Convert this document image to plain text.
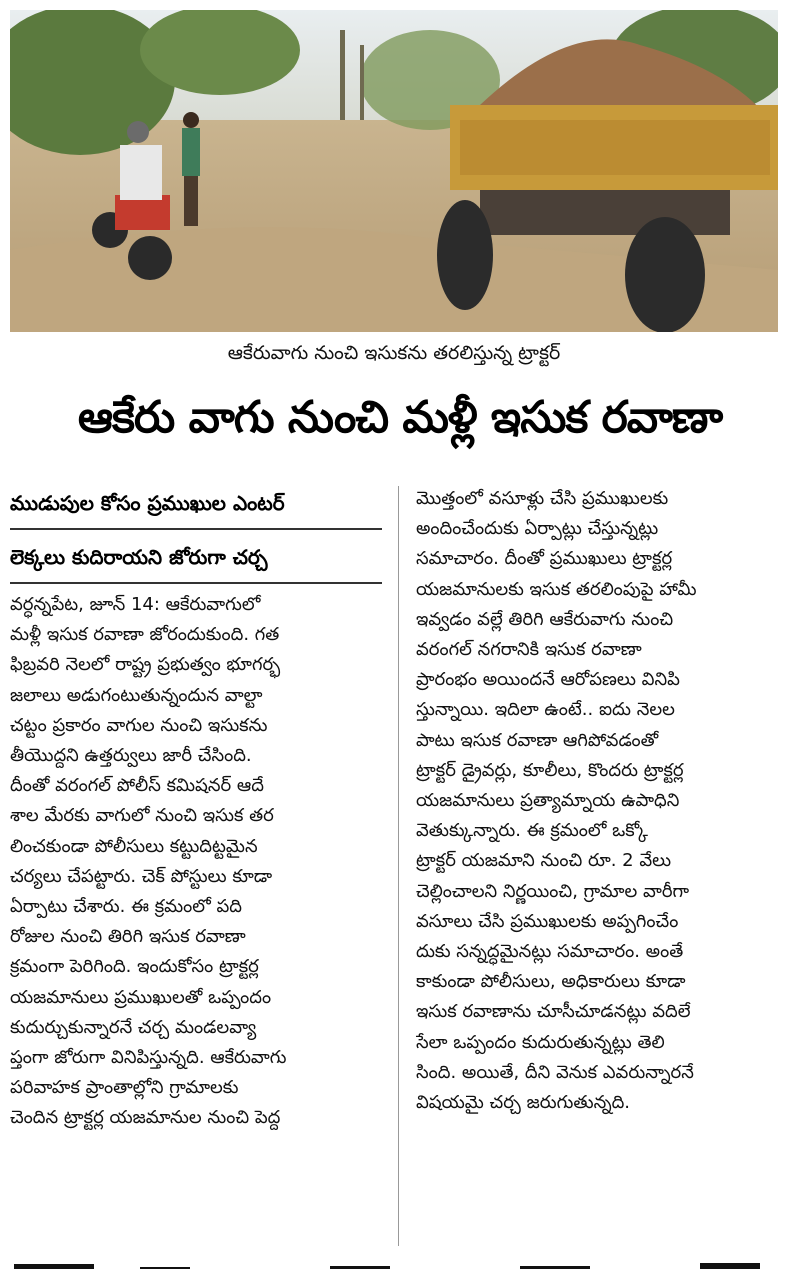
ఆకేరువాగు నుంచి ఇసుకను తరలిస్తున్న ట్రాక్టర్
ఆకేరు వాగు నుంచి మళ్లీ ఇసుక రవాణా
ముడుపుల కోసం ప్రముఖుల ఎంటర్
లెక్కలు కుదిరాయని జోరుగా చర్చ
వర్ధన్నపేట, జూన్ 14: ఆకేరువాగులో
మళ్లీ ఇసుక రవాణా జోరందుకుంది. గత
ఫిబ్రవరి నెలలో రాష్ట్ర ప్రభుత్వం భూగర్భ
జలాలు అడుగంటుతున్నందున వాల్టా
చట్టం ప్రకారం వాగుల నుంచి ఇసుకను
తీయొద్దని ఉత్తర్వులు జారీ చేసింది.
దీంతో వరంగల్ పోలీస్ కమిషనర్ ఆదే
శాల మేరకు వాగులో నుంచి ఇసుక తర
లించకుండా పోలీసులు కట్టుదిట్టమైన
చర్యలు చేపట్టారు. చెక్ పోస్టులు కూడా
ఏర్పాటు చేశారు. ఈ క్రమంలో పది
రోజుల నుంచి తిరిగి ఇసుక రవాణా
క్రమంగా పెరిగింది. ఇందుకోసం ట్రాక్టర్ల
యజమానులు ప్రముఖులతో ఒప్పందం
కుదుర్చుకున్నారనే చర్చ మండలవ్యా
ప్తంగా జోరుగా వినిపిస్తున్నది. ఆకేరువాగు
పరివాహక ప్రాంతాల్లోని గ్రామాలకు
చెందిన ట్రాక్టర్ల యజమానుల నుంచి పెద్ద
మొత్తంలో వసూళ్లు చేసి ప్రముఖులకు
అందించేందుకు ఏర్పాట్లు చేస్తున్నట్లు
సమాచారం. దీంతో ప్రముఖులు ట్రాక్టర్ల
యజమానులకు ఇసుక తరలింపుపై హామీ
ఇవ్వడం వల్లే తిరిగి ఆకేరువాగు నుంచి
వరంగల్ నగరానికి ఇసుక రవాణా
ప్రారంభం అయిందనే ఆరోపణలు వినిపి
స్తున్నాయి. ఇదిలా ఉంటే.. ఐదు నెలల
పాటు ఇసుక రవాణా ఆగిపోవడంతో
ట్రాక్టర్ డ్రైవర్లు, కూలీలు, కొందరు ట్రాక్టర్ల
యజమానులు ప్రత్యామ్నాయ ఉపాధిని
వెతుక్కున్నారు. ఈ క్రమంలో ఒక్కో
ట్రాక్టర్ యజమాని నుంచి రూ. 2 వేలు
చెల్లించాలని నిర్ణయించి, గ్రామాల వారీగా
వసూలు చేసి ప్రముఖులకు అప్పగించేం
దుకు సన్నద్ధమైనట్లు సమాచారం. అంతే
కాకుండా పోలీసులు, అధికారులు కూడా
ఇసుక రవాణాను చూసీచూడనట్లు వదిలే
సేలా ఒప్పందం కుదురుతున్నట్లు తెలి
సింది. అయితే, దీని వెనుక ఎవరున్నారనే
విషయమై చర్చ జరుగుతున్నది.
